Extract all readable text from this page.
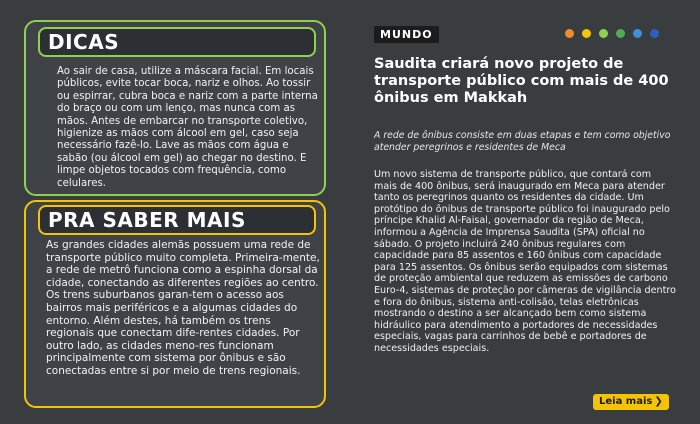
DICAS
Ao sair de casa, utilize a máscara facial. Em locais públicos, evite tocar boca, nariz e olhos. Ao tossir ou espirrar, cubra boca e nariz com a parte interna do braço ou com um lenço, mas nunca com as mãos. Antes de embarcar no transporte coletivo, higienize as mãos com álcool em gel, caso seja necessário fazê-lo. Lave as mãos com água e sabão (ou álcool em gel) ao chegar no destino. E limpe objetos tocados com frequência, como celulares.
PRA SABER MAIS
As grandes cidades alemãs possuem uma rede de transporte público muito completa. Primeira-mente, a rede de metrô funciona como a espinha dorsal da cidade, conectando as diferentes regiões ao centro. Os trens suburbanos garan-tem o acesso aos bairros mais periféricos e a algumas cidades do entorno. Além destes, há também os trens regionais que conectam dife-rentes cidades. Por outro lado, as cidades meno-res funcionam principalmente com sistema por ônibus e são conectadas entre si por meio de trens regionais.
MUNDO
Saudita criará novo projeto de transporte público com mais de 400 ônibus em Makkah
A rede de ônibus consiste em duas etapas e tem como objetivo atender peregrinos e residentes de Meca
Um novo sistema de transporte público, que contará com mais de 400 ônibus, será inaugurado em Meca para atender tanto os peregrinos quanto os residentes da cidade. Um protótipo do ônibus de transporte público foi inaugurado pelo príncipe Khalid Al-Faisal, governador da região de Meca, informou a Agência de Imprensa Saudita (SPA) oficial no sábado. O projeto incluirá 240 ônibus regulares com capacidade para 85 assentos e 160 ônibus com capacidade para 125 assentos. Os ônibus serão equipados com sistemas de proteção ambiental que reduzem as emissões de carbono Euro-4, sistemas de proteção por câmeras de vigilância dentro e fora do ônibus, sistema anti-colisão, telas eletrônicas mostrando o destino a ser alcançado bem como sistema hidráulico para atendimento a portadores de necessidades especiais, vagas para carrinhos de bebê e portadores de necessidades especiais.
Leia mais ❯
